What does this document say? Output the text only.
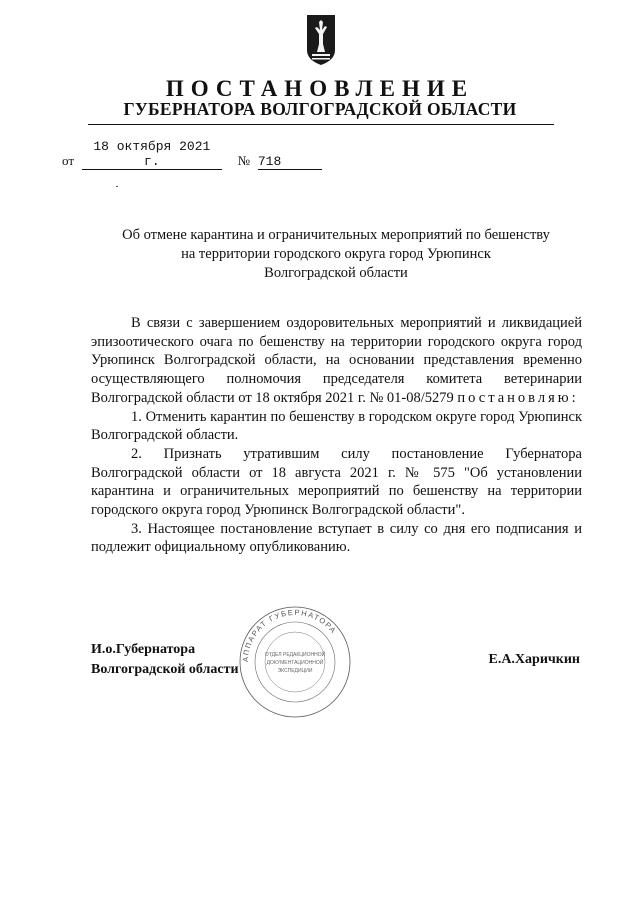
ПОСТАНОВЛЕНИЕ
ГУБЕРНАТОРА ВОЛГОГРАДСКОЙ ОБЛАСТИ
от 18 октября 2021 г.	№ 718
Об отмене карантина и ограничительных мероприятий по бешенству
на территории городского округа город Урюпинск
Волгоградской области

В связи с завершением оздоровительных мероприятий и ликвидацией эпизоотического очага по бешенству на территории городского округа город Урюпинск Волгоградской области, на основании представления временно осуществляющего полномочия председателя комитета ветеринарии Волгоградской области от 18 октября 2021 г. № 01-08/5279 постановляю:

1. Отменить карантин по бешенству в городском округе город Урюпинск Волгоградской области.

2. Признать утратившим силу постановление Губернатора Волгоградской области от 18 августа 2021 г. № 575 "Об установлении карантина и ограничительных мероприятий по бешенству на территории городского округа город Урюпинск Волгоградской области".

3. Настоящее постановление вступает в силу со дня его подписания и подлежит официальному опубликованию.

И.о.Губернатора
Волгоградской области
АППАРАТ ГУБЕРНАТОРА
ОТДЕЛ РЕДАКЦИОННОЙ
ДОКУМЕНТАЦИОННОЙ
ЭКСПЕДИЦИИ
Е.А.Харичкин
